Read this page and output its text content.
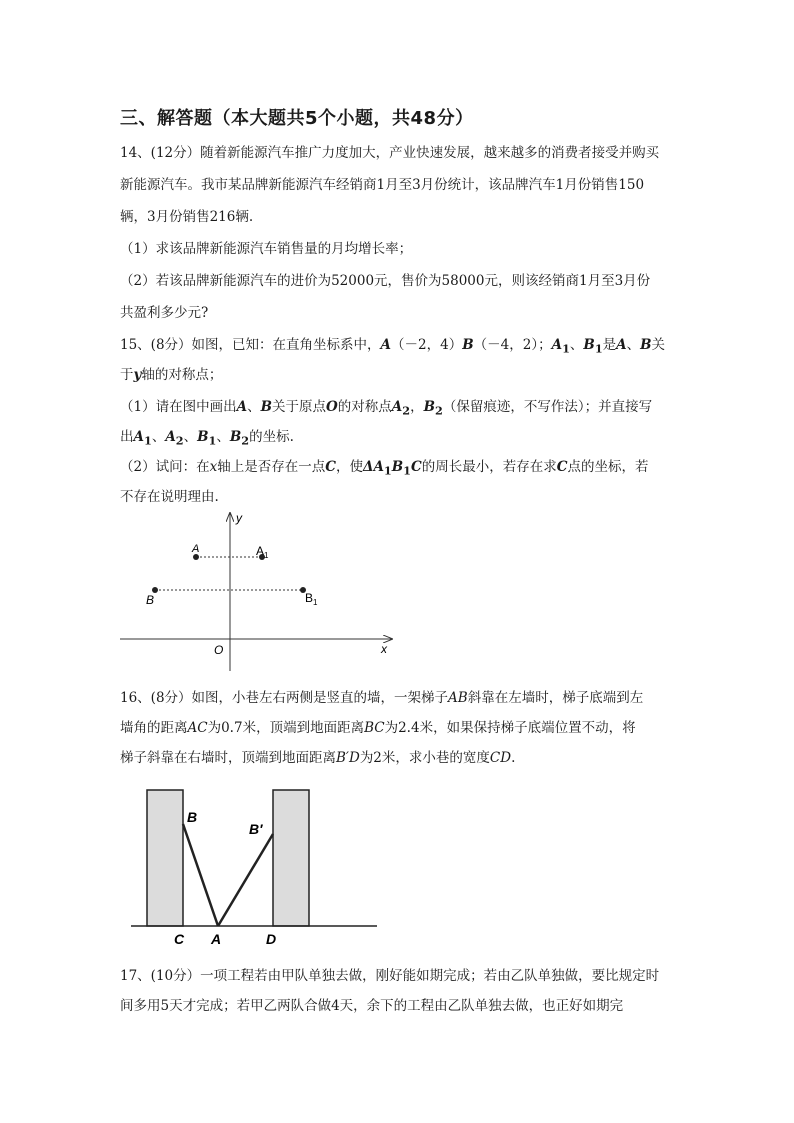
三、解答题（本大题共5个小题，共48分）
14、(12分）随着新能源汽车推广力度加大，产业快速发展，越来越多的消费者接受并购买
新能源汽车。我市某品牌新能源汽车经销商1月至3月份统计，该品牌汽车1月份销售150
辆，3月份销售216辆.
（1）求该品牌新能源汽车销售量的月均增长率；
（2）若该品牌新能源汽车的进价为52000元，售价为58000元，则该经销商1月至3月份
共盈利多少元?
15、(8分）如图，已知：在直角坐标系中，A（－2，4）B（－4，2）；$A_1$、$B_1$是A、B关
于y轴的对称点；
（1）请在图中画出A、B关于原点O的对称点$A_2$，$B_2$（保留痕迹，不写作法）；并直接写
出$A_1$、$A_2$、$B_1$、$B_2$的坐标.
（2）试问：在x轴上是否存在一点C，使$\Delta A_1B_1C$的周长最小，若存在求C点的坐标，若
不存在说明理由.
y
x
O
A	$A_1$
B	$B_1$
16、(8分）如图，小巷左右两侧是竖直的墙，一架梯子AB斜靠在左墙时，梯子底端到左
墙角的距离AC为0.7米，顶端到地面距离BC为2.4米，如果保持梯子底端位置不动，将
梯子斜靠在右墙时，顶端到地面距离B′D为2米，求小巷的宽度CD.
B
B′
C A	D
17、(10分）一项工程若由甲队单独去做，刚好能如期完成；若由乙队单独做，要比规定时
间多用5天才完成；若甲乙两队合做4天，余下的工程由乙队单独去做，也正好如期完
